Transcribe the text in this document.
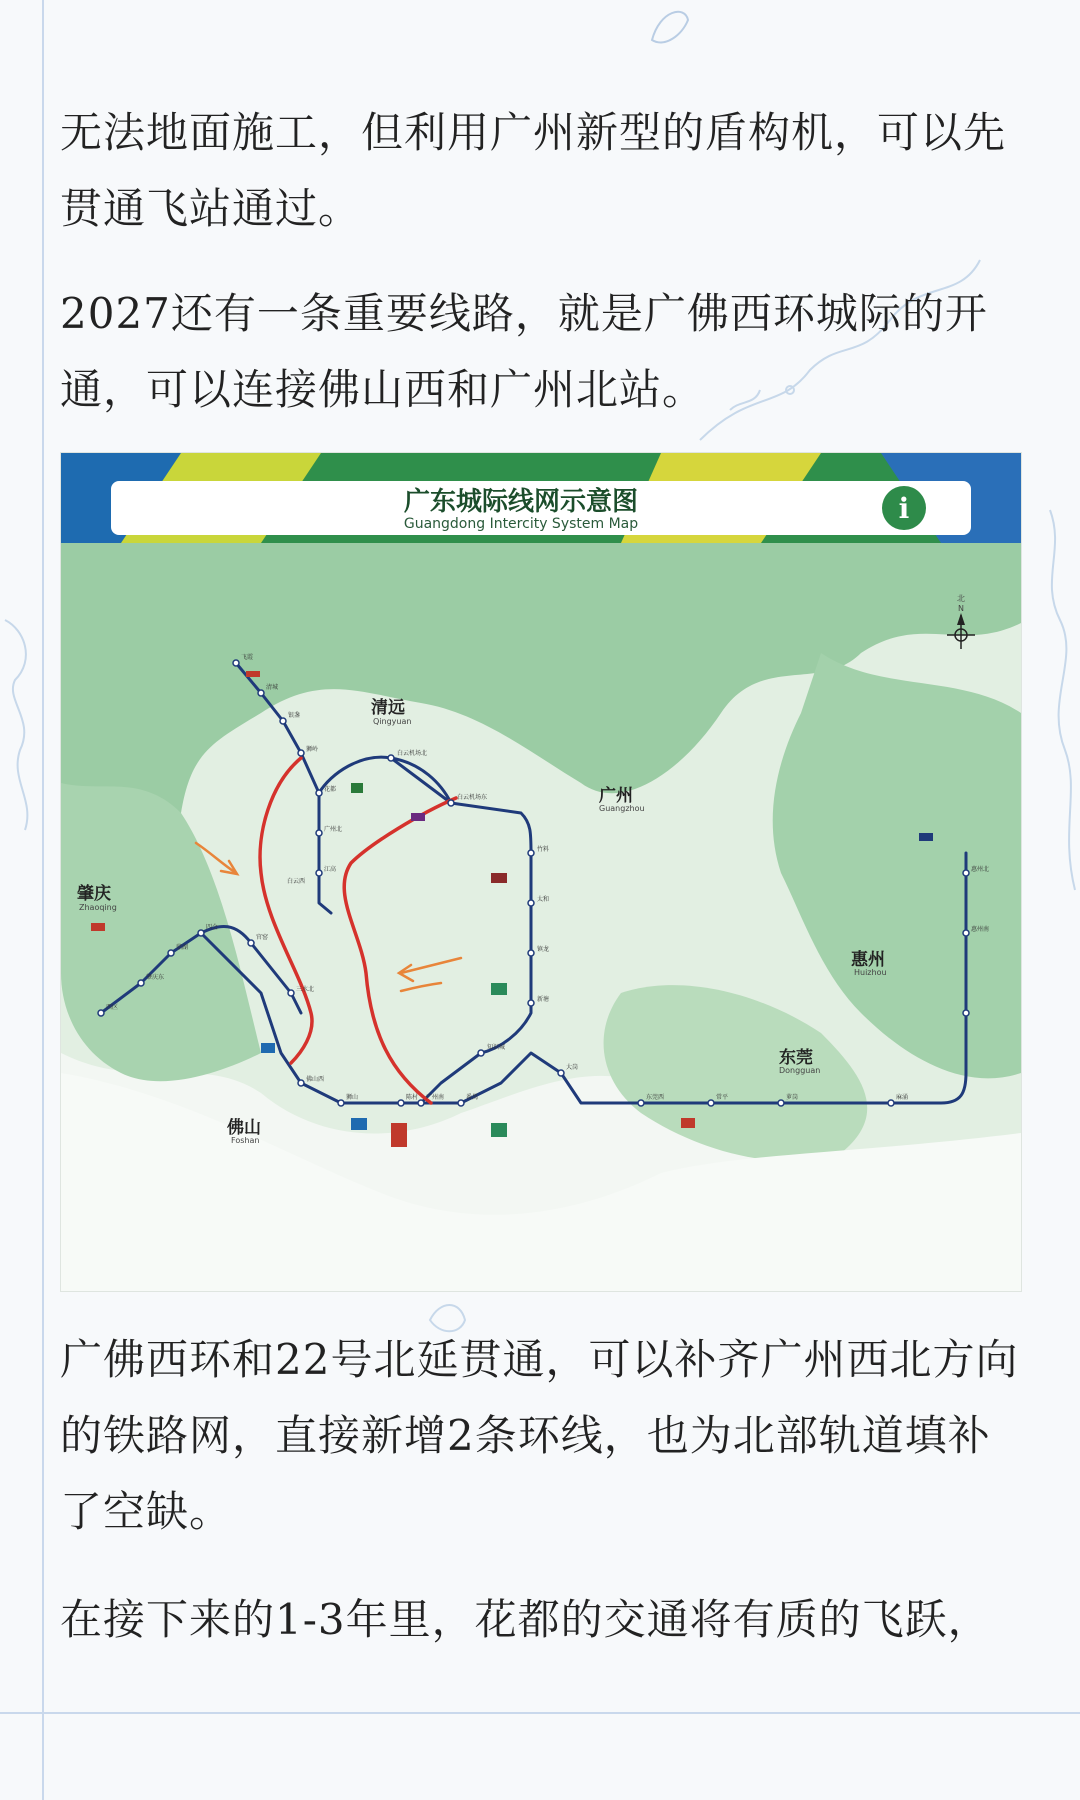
无法地面施工，但利用广州新型的盾构机，可以先
贯通飞站通过。
2027还有一条重要线路，就是广佛西环城际的开
通，可以连接佛山西和广州北站。
广东城际线网示意图
Guangdong Intercity System Map	i
北
N
清远
Qingyuan
广州
Guangzhou
肇庆
Zhaoqing
惠州
Huizhou
东莞
Dongguan
佛山
Foshan
飞霞
清城
银盏
狮岭
花都
白云机场北
白云机场东
竹料
太和
镇龙
新塘
广州北
江高
白云西
佛山西
三水北
四会
鼎湖
肇庆东
西区
广州南	番禺	东莞西	常平
惠州北
惠州南
大岗
知识城
萝岗
官窑
狮山	陈村	麻涌
广佛西环和22号北延贯通，可以补齐广州西北方向
的铁路网，直接新增2条环线，也为北部轨道填补
了空缺。
在接下来的1-3年里，花都的交通将有质的飞跃，
